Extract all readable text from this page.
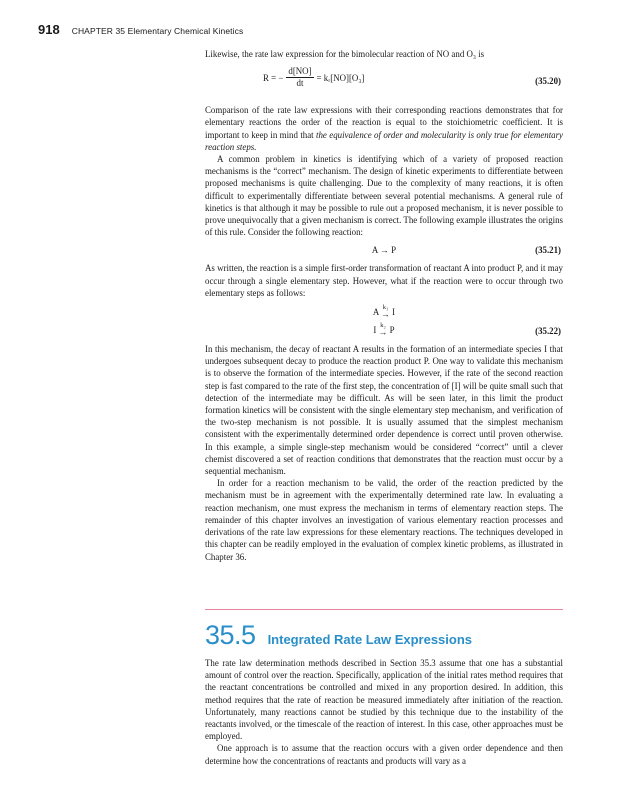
918 CHAPTER 35 Elementary Chemical Kinetics

Likewise, the rate law expression for the bimolecular reaction of NO and O₃ is

R = − $\frac{d[NO]}{dt}$ = kᵣ[NO][O₃]	(35.20)

Comparison of the rate law expressions with their corresponding reactions demonstrates that for elementary reactions the order of the reaction is equal to the stoichiometric coefficient. It is important to keep in mind that the equivalence of order and molecularity is only true for elementary reaction steps.

A common problem in kinetics is identifying which of a variety of proposed reaction mechanisms is the “correct” mechanism. The design of kinetic experiments to differentiate between proposed mechanisms is quite challenging. Due to the complexity of many reactions, it is often difficult to experimentally differentiate between several potential mechanisms. A general rule of kinetics is that although it may be possible to rule out a proposed mechanism, it is never possible to prove unequivocally that a given mechanism is correct. The following example illustrates the origins of this rule. Consider the following reaction:

A → P	(35.21)

As written, the reaction is a simple first-order transformation of reactant A into product P, and it may occur through a single elementary step. However, what if the reaction were to occur through two elementary steps as follows:

A k₁
→ I
I k₂
→ P	(35.22)

In this mechanism, the decay of reactant A results in the formation of an intermediate species I that undergoes subsequent decay to produce the reaction product P. One way to validate this mechanism is to observe the formation of the intermediate species. However, if the rate of the second reaction step is fast compared to the rate of the first step, the concentration of [I] will be quite small such that detection of the intermediate may be difficult. As will be seen later, in this limit the product formation kinetics will be consistent with the single elementary step mechanism, and verification of the two-step mechanism is not possible. It is usually assumed that the simplest mechanism consistent with the experimentally determined order dependence is correct until proven otherwise. In this example, a simple single-step mechanism would be considered “correct” until a clever chemist discovered a set of reaction conditions that demonstrates that the reaction must occur by a sequential mechanism.

In order for a reaction mechanism to be valid, the order of the reaction predicted by the mechanism must be in agreement with the experimentally determined rate law. In evaluating a reaction mechanism, one must express the mechanism in terms of elementary reaction steps. The remainder of this chapter involves an investigation of various elementary reaction processes and derivations of the rate law expressions for these elementary reactions. The techniques developed in this chapter can be readily employed in the evaluation of complex kinetic problems, as illustrated in Chapter 36.

35.5 Integrated Rate Law Expressions

The rate law determination methods described in Section 35.3 assume that one has a substantial amount of control over the reaction. Specifically, application of the initial rates method requires that the reactant concentrations be controlled and mixed in any proportion desired. In addition, this method requires that the rate of reaction be measured immediately after initiation of the reaction. Unfortunately, many reactions cannot be studied by this technique due to the instability of the reactants involved, or the timescale of the reaction of interest. In this case, other approaches must be employed.

One approach is to assume that the reaction occurs with a given order dependence and then determine how the concentrations of reactants and products will vary as a
